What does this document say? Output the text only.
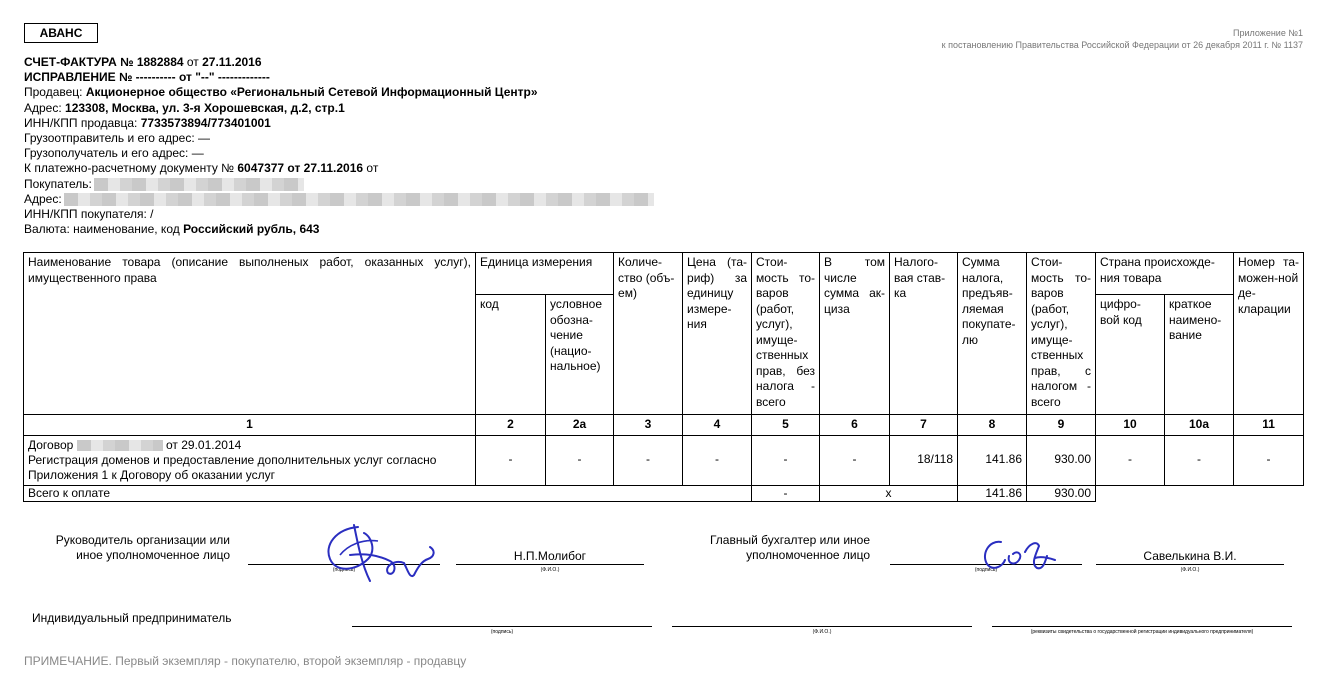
АВАНС	Приложение №1
к постановлению Правительства Российской Федерации от 26 декабря 2011 г. № 1137
СЧЕТ-ФАКТУРА № 1882884 от 27.11.2016
ИСПРАВЛЕНИЕ № ---------- от "--" -------------
Продавец: Акционерное общество «Региональный Сетевой Информационный Центр»
Адрес: 123308, Москва, ул. 3-я Хорошевская, д.2, стр.1
ИНН/КПП продавца: 7733573894/773401001
Грузоотправитель и его адрес: —
Грузополучатель и его адрес: —
К платежно-расчетному документу № 6047377 от 27.11.2016 от
Покупатель:
Адрес:
ИНН/КПП покупателя: /
Валюта: наименование, код Российский рубль, 643
Наименование товара (описание выполненых работ, оказанных услуг), имущественного права	Единица измерения		Количе-ство (объ-ем)	Цена (та-риф) за единицу измере-ния	Стои-мость то-варов (работ, услуг), имуще-ственных прав, без налога - всего	В том числе сумма ак-циза	Налого-вая став-ка	Сумма налога, предъяв-ляемая покупате-лю	Стои-мость то-варов (работ, услуг), имуще-ственных прав, с налогом - всего	Страна происхожде-ния товара		Номер та-можен-ной де-кларации
	код	условное обозна-чение (нацио-нальное)								цифро-вой код	краткое наимено-вание	
1	2	2а	3	4	5	6	7	8	9	10	10а	11

Договор от 29.01.2014
Регистрация доменов и предоставление дополнительных услуг согласно Приложения 1 к Договору об оказании услуг	-	-	-	-	-	-	18/118	141.86	930.00	-	-	-
Всего к оплате					-	х		141.86	930.00			
Руководитель организации или
иное уполномоченное лицо
(подпись)
Н.П.Молибог
(Ф.И.О.)
Главный бухгалтер или иное
уполномоченное лицо
(подпись)
Савелькина В.И.
(Ф.И.О.)
Индивидуальный предприниматель
(подпись)	(Ф.И.О.)	(реквизиты свидетельства о государственной регистрации индивидуального предпринимателя)
ПРИМЕЧАНИЕ. Первый экземпляр - покупателю, второй экземпляр - продавцу
